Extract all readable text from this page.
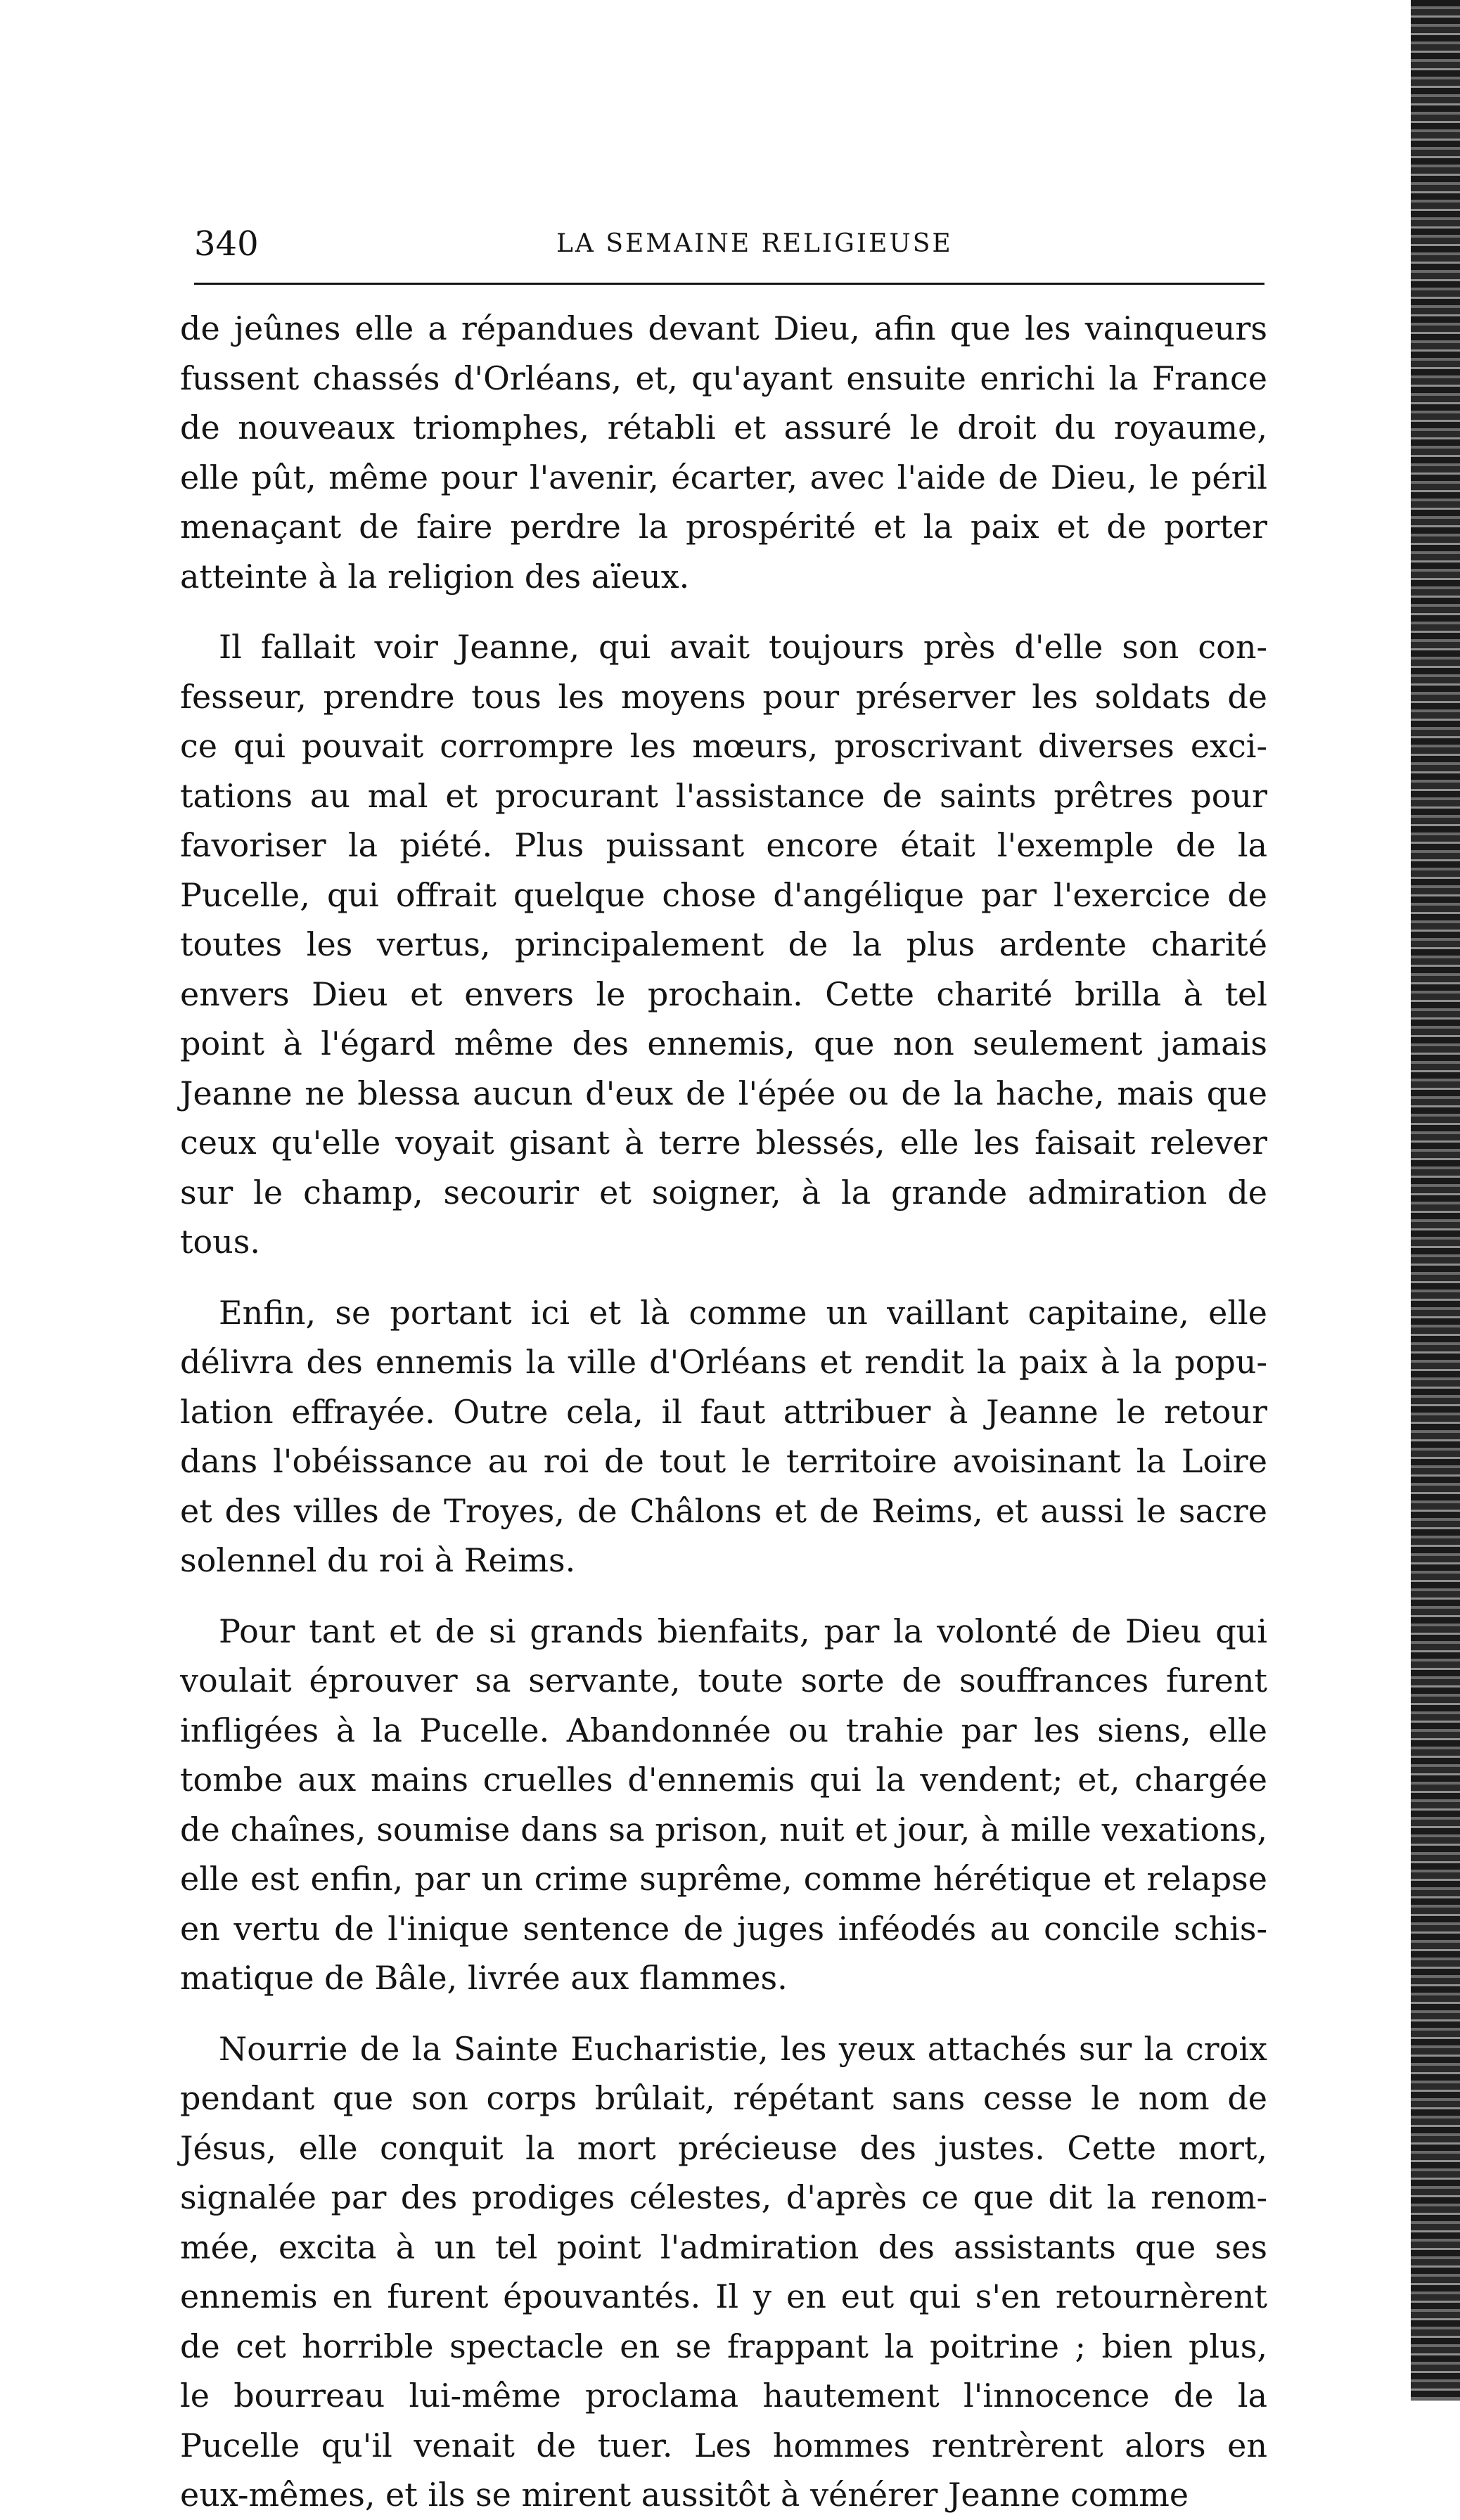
340	LA SEMAINE RELIGIEUSE
de jeûnes elle a répandues devant Dieu, afin que les vainqueurs
fussent chassés d'Orléans, et, qu'ayant ensuite enrichi la France
de nouveaux triomphes, rétabli et assuré le droit du royaume,
elle pût, même pour l'avenir, écarter, avec l'aide de Dieu, le péril
menaçant de faire perdre la prospérité et la paix et de porter
atteinte à la religion des aïeux.
Il fallait voir Jeanne, qui avait toujours près d'elle son con-
fesseur, prendre tous les moyens pour préserver les soldats de
ce qui pouvait corrompre les mœurs, proscrivant diverses exci-
tations au mal et procurant l'assistance de saints prêtres pour
favoriser la piété. Plus puissant encore était l'exemple de la
Pucelle, qui offrait quelque chose d'angélique par l'exercice de
toutes les vertus, principalement de la plus ardente charité
envers Dieu et envers le prochain. Cette charité brilla à tel
point à l'égard même des ennemis, que non seulement jamais
Jeanne ne blessa aucun d'eux de l'épée ou de la hache, mais que
ceux qu'elle voyait gisant à terre blessés, elle les faisait relever
sur le champ, secourir et soigner, à la grande admiration de
tous.
Enfin, se portant ici et là comme un vaillant capitaine, elle
délivra des ennemis la ville d'Orléans et rendit la paix à la popu-
lation effrayée. Outre cela, il faut attribuer à Jeanne le retour
dans l'obéissance au roi de tout le territoire avoisinant la Loire
et des villes de Troyes, de Châlons et de Reims, et aussi le sacre
solennel du roi à Reims.
Pour tant et de si grands bienfaits, par la volonté de Dieu qui
voulait éprouver sa servante, toute sorte de souffrances furent
infligées à la Pucelle. Abandonnée ou trahie par les siens, elle
tombe aux mains cruelles d'ennemis qui la vendent; et, chargée
de chaînes, soumise dans sa prison, nuit et jour, à mille vexations,
elle est enfin, par un crime suprême, comme hérétique et relapse
en vertu de l'inique sentence de juges inféodés au concile schis-
matique de Bâle, livrée aux flammes.
Nourrie de la Sainte Eucharistie, les yeux attachés sur la croix
pendant que son corps brûlait, répétant sans cesse le nom de
Jésus, elle conquit la mort précieuse des justes. Cette mort,
signalée par des prodiges célestes, d'après ce que dit la renom-
mée, excita à un tel point l'admiration des assistants que ses
ennemis en furent épouvantés. Il y en eut qui s'en retournèrent
de cet horrible spectacle en se frappant la poitrine ; bien plus,
le bourreau lui-même proclama hautement l'innocence de la
Pucelle qu'il venait de tuer. Les hommes rentrèrent alors en
eux-mêmes, et ils se mirent aussitôt à vénérer Jeanne comme
